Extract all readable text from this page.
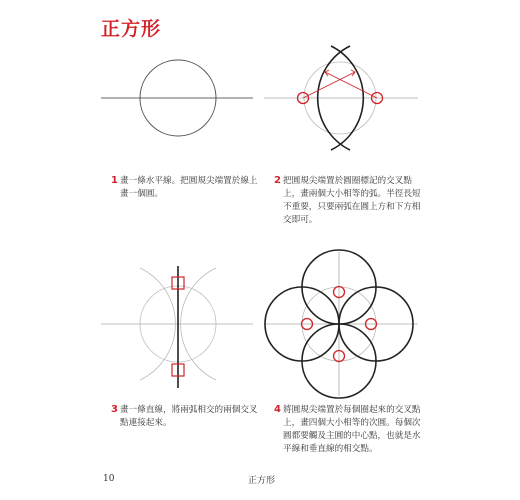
正方形
1 畫一條水平線。把圓規尖端置於線上
畫一個圓。
2 把圓規尖端置於圓圈標記的交叉點
上，畫兩個大小相等的弧。半徑長短
不重要，只要兩弧在圓上方和下方相
交即可。
3 畫一條直線，將兩弧相交的兩個交叉
點連接起來。
4 將圓規尖端置於每個圈起來的交叉點
上，畫四個大小相等的次圓。每個次
圓都要觸及主圓的中心點，也就是水
平線和垂直線的相交點。
10	正方形
